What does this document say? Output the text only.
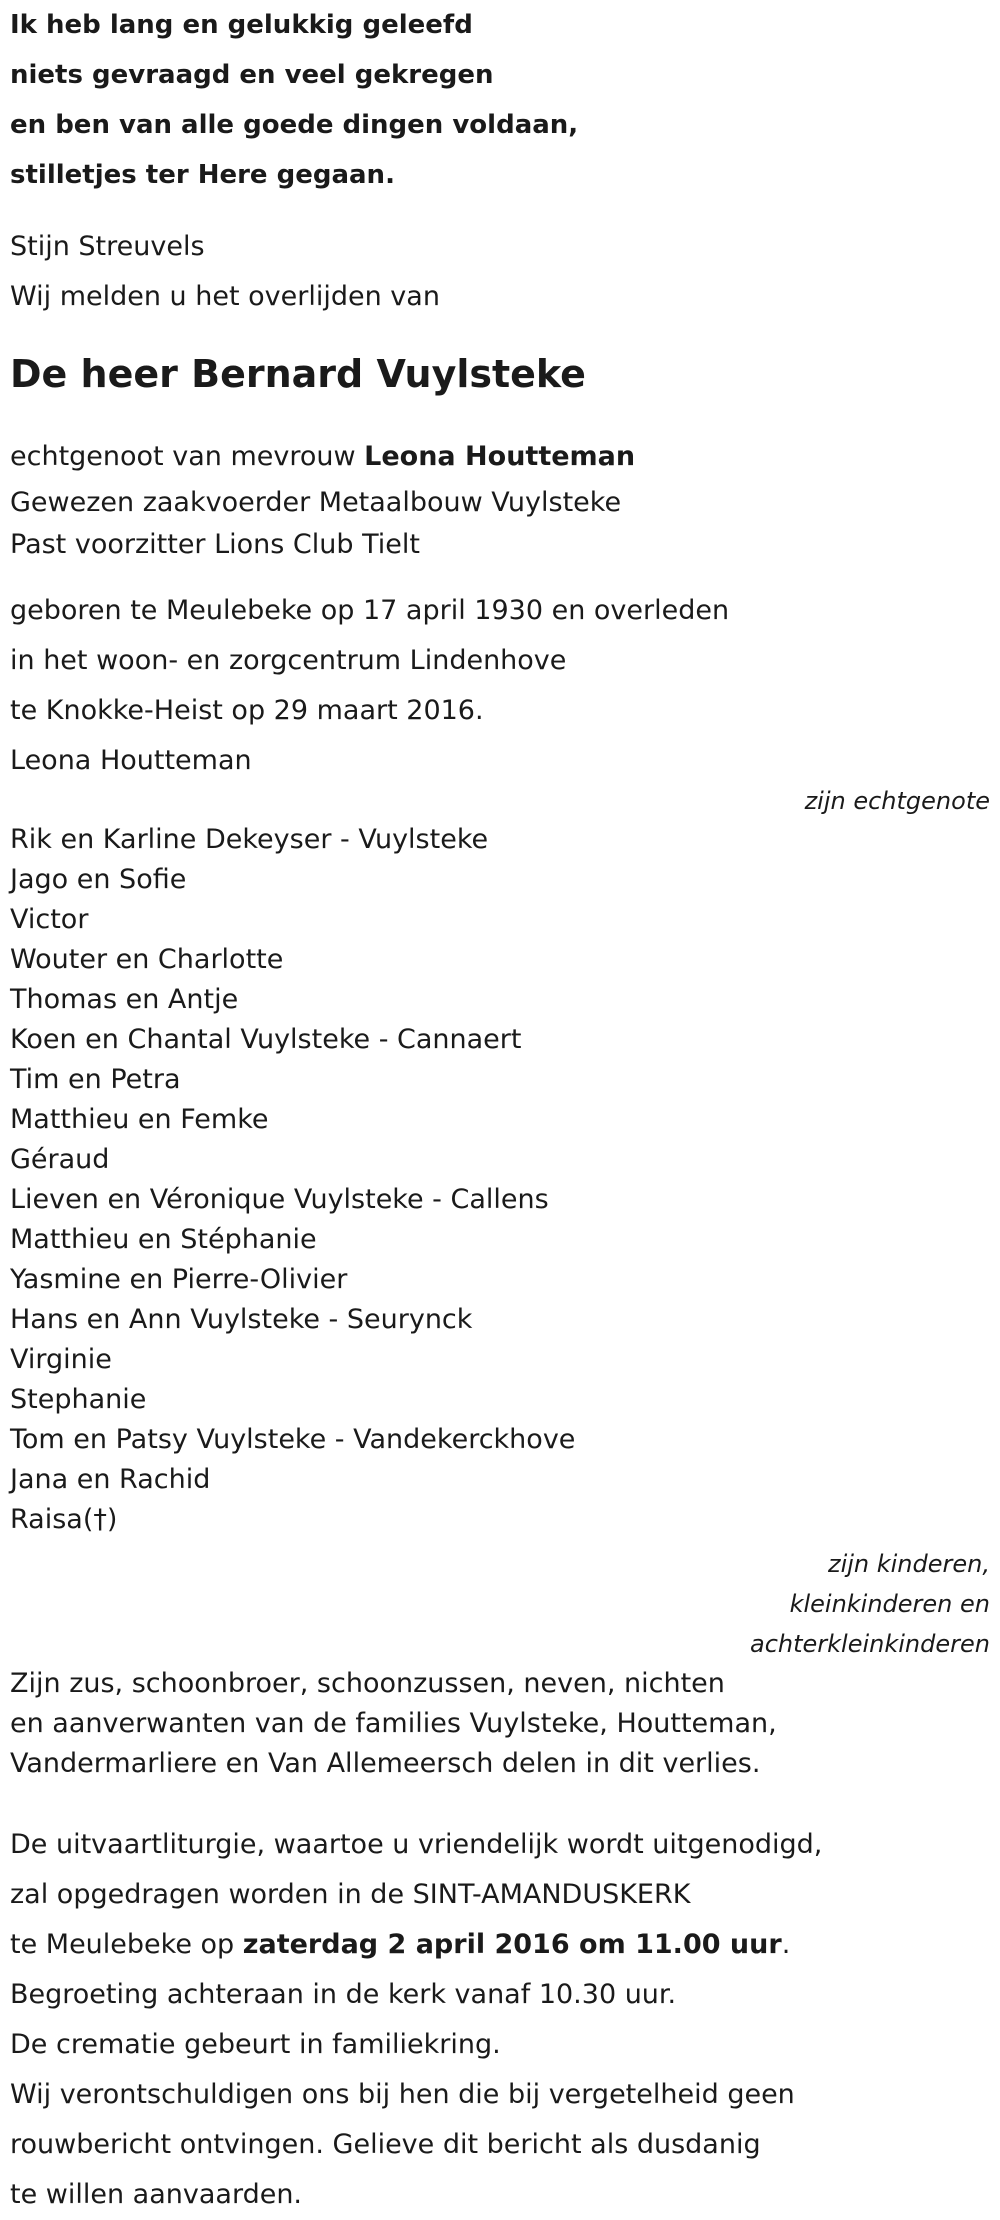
Ik heb lang en gelukkig geleefd

niets gevraagd en veel gekregen

en ben van alle goede dingen voldaan,

stilletjes ter Here gegaan.

Stijn Streuvels

Wij melden u het overlijden van

De heer Bernard Vuylsteke

echtgenoot van mevrouw Leona Houtteman

Gewezen zaakvoerder Metaalbouw Vuylsteke

Past voorzitter Lions Club Tielt

geboren te Meulebeke op 17 april 1930 en overleden

in het woon- en zorgcentrum Lindenhove

te Knokke-Heist op 29 maart 2016.

Leona Houtteman

zijn echtgenote

Rik en Karline Dekeyser - Vuylsteke

Jago en Sofie

Victor

Wouter en Charlotte

Thomas en Antje

Koen en Chantal Vuylsteke - Cannaert

Tim en Petra

Matthieu en Femke

Géraud

Lieven en Véronique Vuylsteke - Callens

Matthieu en Stéphanie

Yasmine en Pierre-Olivier

Hans en Ann Vuylsteke - Seurynck

Virginie

Stephanie

Tom en Patsy Vuylsteke - Vandekerckhove

Jana en Rachid

Raisa(†)

zijn kinderen,
kleinkinderen en
achterkleinkinderen

Zijn zus, schoonbroer, schoonzussen, neven, nichten

en aanverwanten van de families Vuylsteke, Houtteman,

Vandermarliere en Van Allemeersch delen in dit verlies.

De uitvaartliturgie, waartoe u vriendelijk wordt uitgenodigd,

zal opgedragen worden in de SINT-AMANDUSKERK

te Meulebeke op zaterdag 2 april 2016 om 11.00 uur.

Begroeting achteraan in de kerk vanaf 10.30 uur.

De crematie gebeurt in familiekring.

Wij verontschuldigen ons bij hen die bij vergetelheid geen

rouwbericht ontvingen. Gelieve dit bericht als dusdanig

te willen aanvaarden.
